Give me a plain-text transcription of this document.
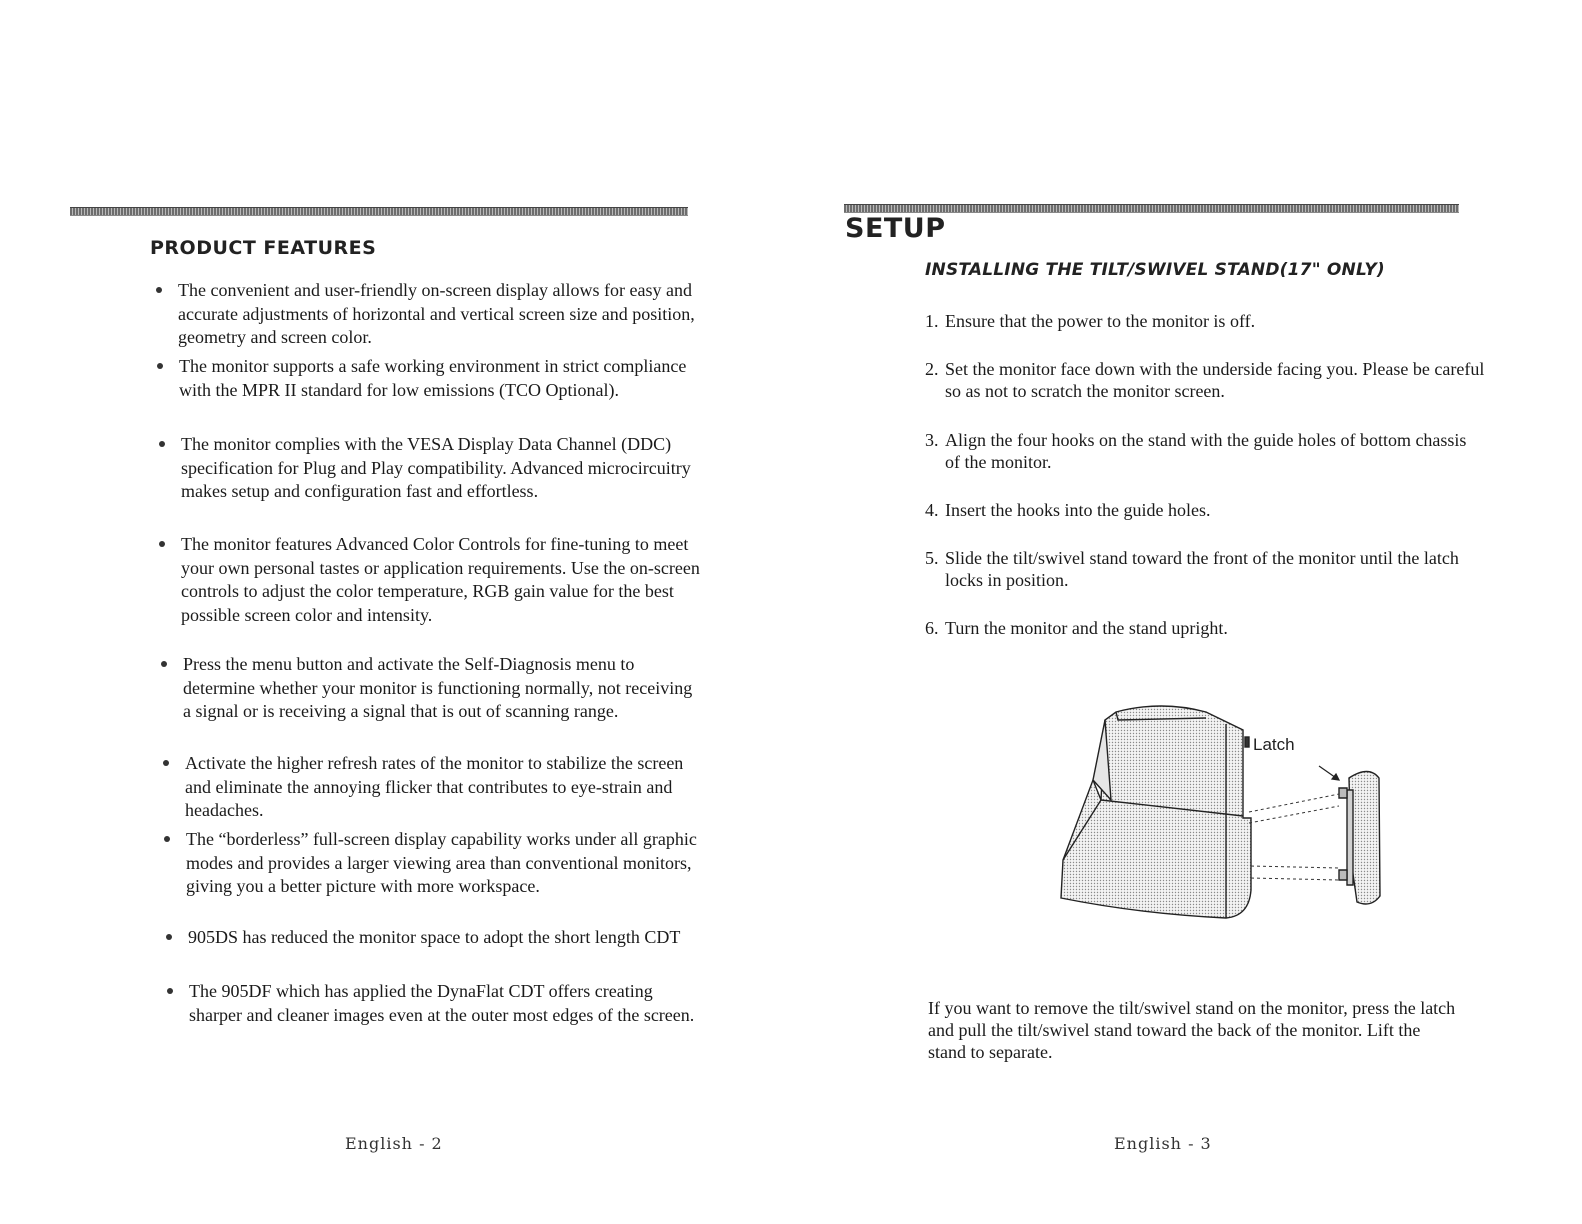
PRODUCT FEATURES
The convenient and user-friendly on-screen display allows for easy and accurate adjustments of horizontal and vertical screen size and position, geometry and screen color.
The monitor supports a safe working environment in strict compliance with the MPR II standard for low emissions (TCO Optional).
The monitor complies with the VESA Display Data Channel (DDC) specification for Plug and Play compatibility. Advanced microcircuitry makes setup and configuration fast and effortless.
The monitor features Advanced Color Controls for fine-tuning to meet your own personal tastes or application requirements. Use the on-screen controls to adjust the color temperature, RGB gain value for the best possible screen color and intensity.
Press the menu button and activate the Self-Diagnosis menu to determine whether your monitor is functioning normally, not receiving a signal or is receiving a signal that is out of scanning range.
Activate the higher refresh rates of the monitor to stabilize the screen and eliminate the annoying flicker that contributes to eye-strain and headaches.
The “borderless” full-screen display capability works under all graphic modes and provides a larger viewing area than conventional monitors, giving you a better picture with more workspace.
905DS has reduced the monitor space to adopt the short length CDT
The 905DF which has applied the DynaFlat CDT offers creating sharper and cleaner images even at the outer most edges of the screen.
English - 2
SETUP
INSTALLING THE TILT/SWIVEL STAND(17" ONLY)
1. Ensure that the power to the monitor is off.
2. Set the monitor face down with the underside facing you. Please be careful so as not to scratch the monitor screen.
3. Align the four hooks on the stand with the guide holes of bottom chassis of the monitor.
4. Insert the hooks into the guide holes.
5. Slide the tilt/swivel stand toward the front of the monitor until the latch locks in position.
6. Turn the monitor and the stand upright.
Latch

If you want to remove the tilt/swivel stand on the monitor, press the latch and pull the tilt/swivel stand toward the back of the monitor. Lift the stand to separate.

English - 3
